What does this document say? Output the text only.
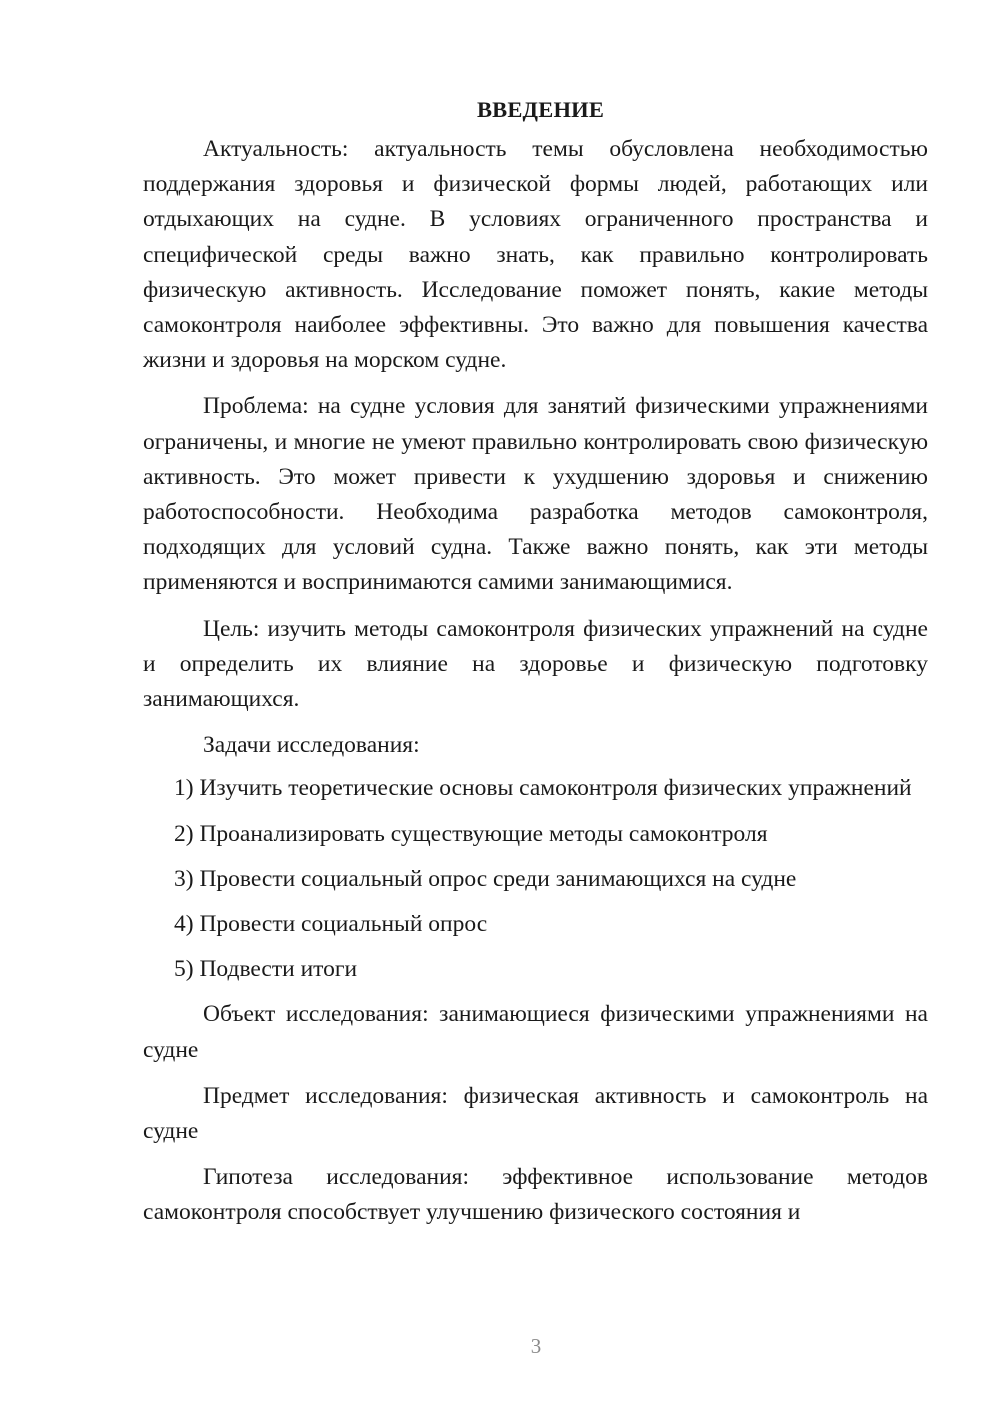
ВВЕДЕНИЕ

Актуальность: актуальность темы обусловлена необходимостью поддержания здоровья и физической формы людей, работающих или отдыхающих на судне. В условиях ограниченного пространства и специфической среды важно знать, как правильно контролировать физическую активность. Исследование поможет понять, какие методы самоконтроля наиболее эффективны. Это важно для повышения качества жизни и здоровья на морском судне.

Проблема: на судне условия для занятий физическими упражнениями ограничены, и многие не умеют правильно контролировать свою физическую активность. Это может привести к ухудшению здоровья и снижению работоспособности. Необходима разработка методов самоконтроля, подходящих для условий судна. Также важно понять, как эти методы применяются и воспринимаются самими занимающимися.

Цель: изучить методы самоконтроля физических упражнений на судне и определить их влияние на здоровье и физическую подготовку занимающихся.

Задачи исследования:

1) Изучить теоретические основы самоконтроля физических упражнений

2) Проанализировать существующие методы самоконтроля

3) Провести социальный опрос среди занимающихся на судне

4) Провести социальный опрос

5) Подвести итоги

Объект исследования: занимающиеся физическими упражнениями на судне

Предмет исследования: физическая активность и самоконтроль на судне

Гипотеза исследования: эффективное использование методов самоконтроля способствует улучшению физического состояния и

3
